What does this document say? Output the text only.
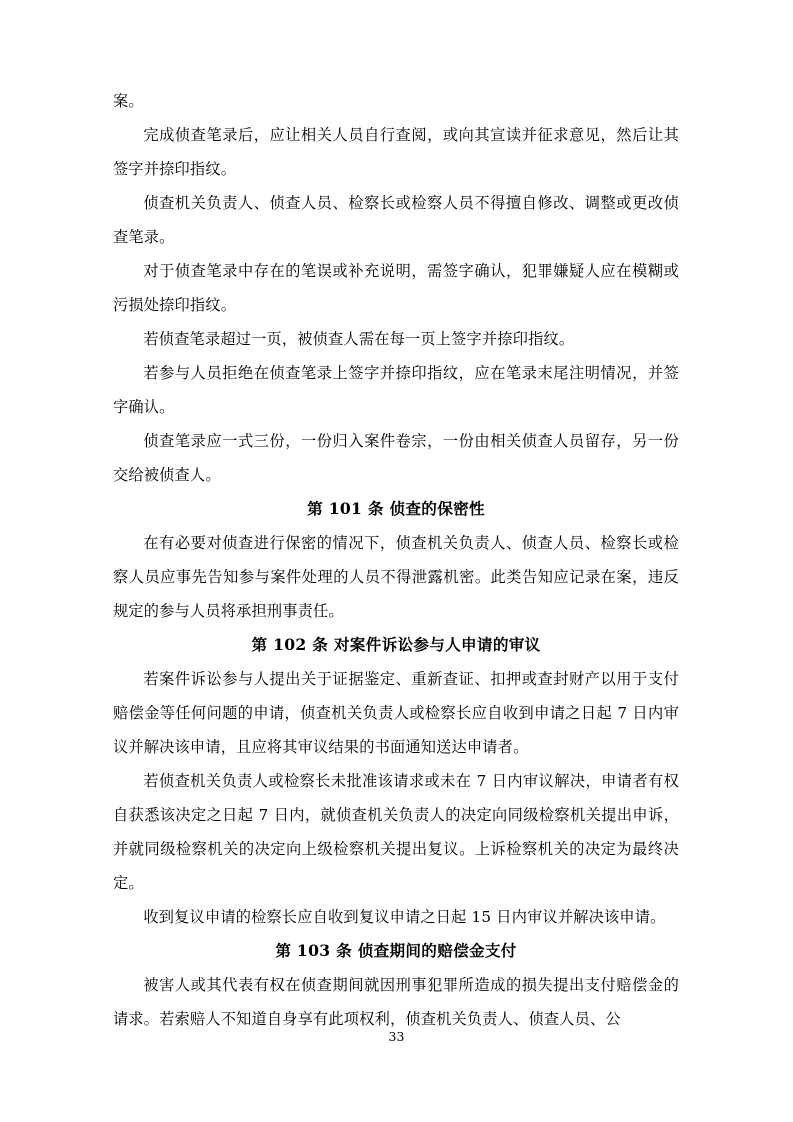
案。

完成侦查笔录后，应让相关人员自行查阅，或向其宣读并征求意见，然后让其签字并捺印指纹。

侦查机关负责人、侦查人员、检察长或检察人员不得擅自修改、调整或更改侦查笔录。

对于侦查笔录中存在的笔误或补充说明，需签字确认，犯罪嫌疑人应在模糊或污损处捺印指纹。

若侦查笔录超过一页，被侦查人需在每一页上签字并捺印指纹。

若参与人员拒绝在侦查笔录上签字并捺印指纹，应在笔录末尾注明情况，并签字确认。

侦查笔录应一式三份，一份归入案件卷宗，一份由相关侦查人员留存，另一份交给被侦查人。

第 101 条 侦查的保密性

在有必要对侦查进行保密的情况下，侦查机关负责人、侦查人员、检察长或检察人员应事先告知参与案件处理的人员不得泄露机密。此类告知应记录在案，违反规定的参与人员将承担刑事责任。

第 102 条 对案件诉讼参与人申请的审议

若案件诉讼参与人提出关于证据鉴定、重新查证、扣押或查封财产以用于支付赔偿金等任何问题的申请，侦查机关负责人或检察长应自收到申请之日起 7 日内审议并解决该申请，且应将其审议结果的书面通知送达申请者。

若侦查机关负责人或检察长未批准该请求或未在 7 日内审议解决，申请者有权自获悉该决定之日起 7 日内，就侦查机关负责人的决定向同级检察机关提出申诉，并就同级检察机关的决定向上级检察机关提出复议。上诉检察机关的决定为最终决定。

收到复议申请的检察长应自收到复议申请之日起 15 日内审议并解决该申请。

第 103 条 侦查期间的赔偿金支付

被害人或其代表有权在侦查期间就因刑事犯罪所造成的损失提出支付赔偿金的请求。若索赔人不知道自身享有此项权利，侦查机关负责人、侦查人员、公

33
